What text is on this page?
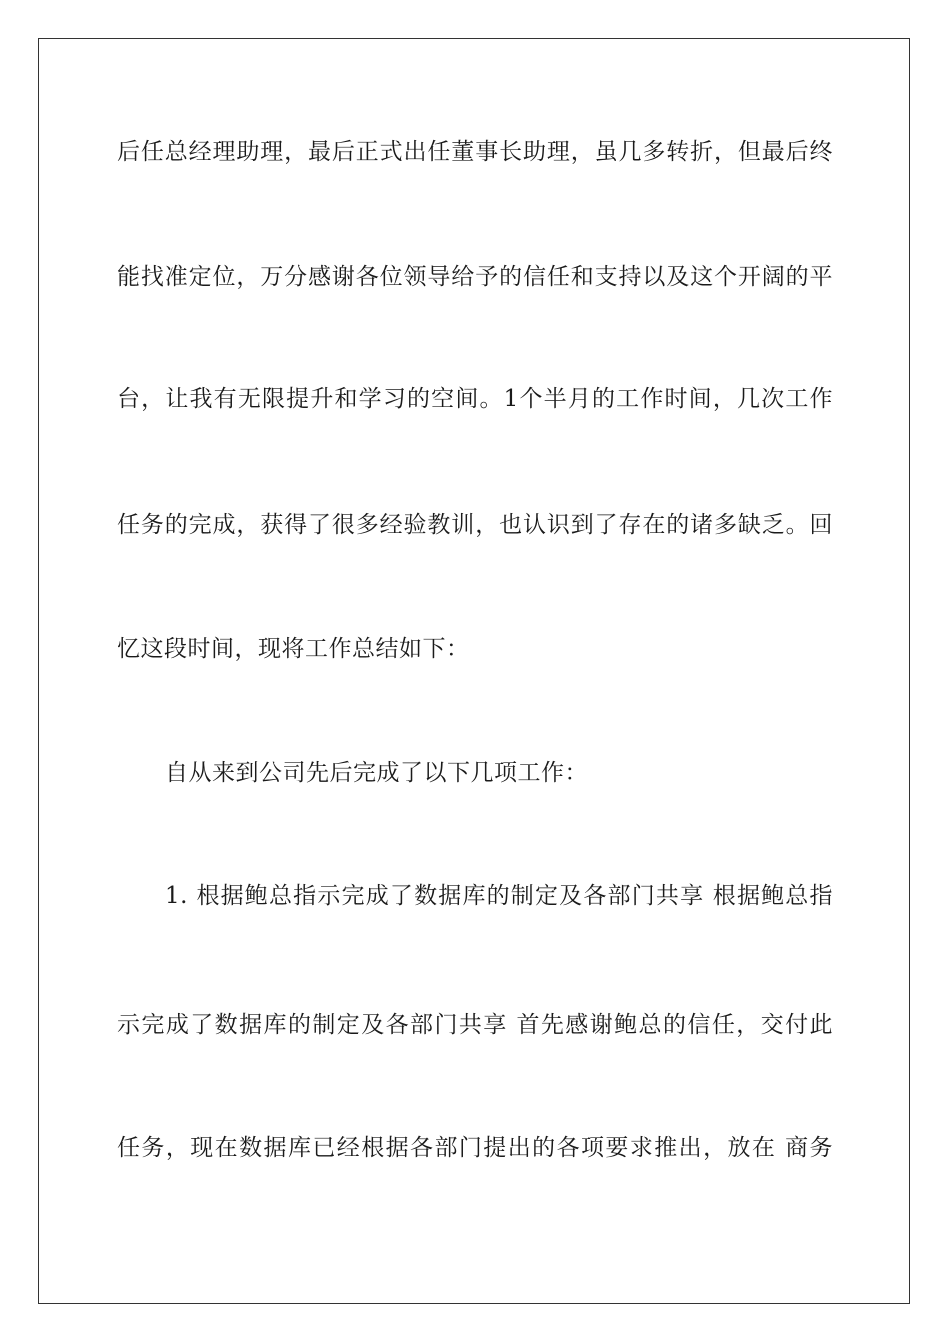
后任总经理助理，最后正式出任董事长助理，虽几多转折，但最后终
能找准定位，万分感谢各位领导给予的信任和支持以及这个开阔的平
台，让我有无限提升和学习的空间。1个半月的工作时间，几次工作
任务的完成，获得了很多经验教训，也认识到了存在的诸多缺乏。回
忆这段时间，现将工作总结如下：
自从来到公司先后完成了以下几项工作：
1. 根据鲍总指示完成了数据库的制定及各部门共享 根据鲍总指
示完成了数据库的制定及各部门共享 首先感谢鲍总的信任，交付此
任务，现在数据库已经根据各部门提出的各项要求推出，放在 商务
